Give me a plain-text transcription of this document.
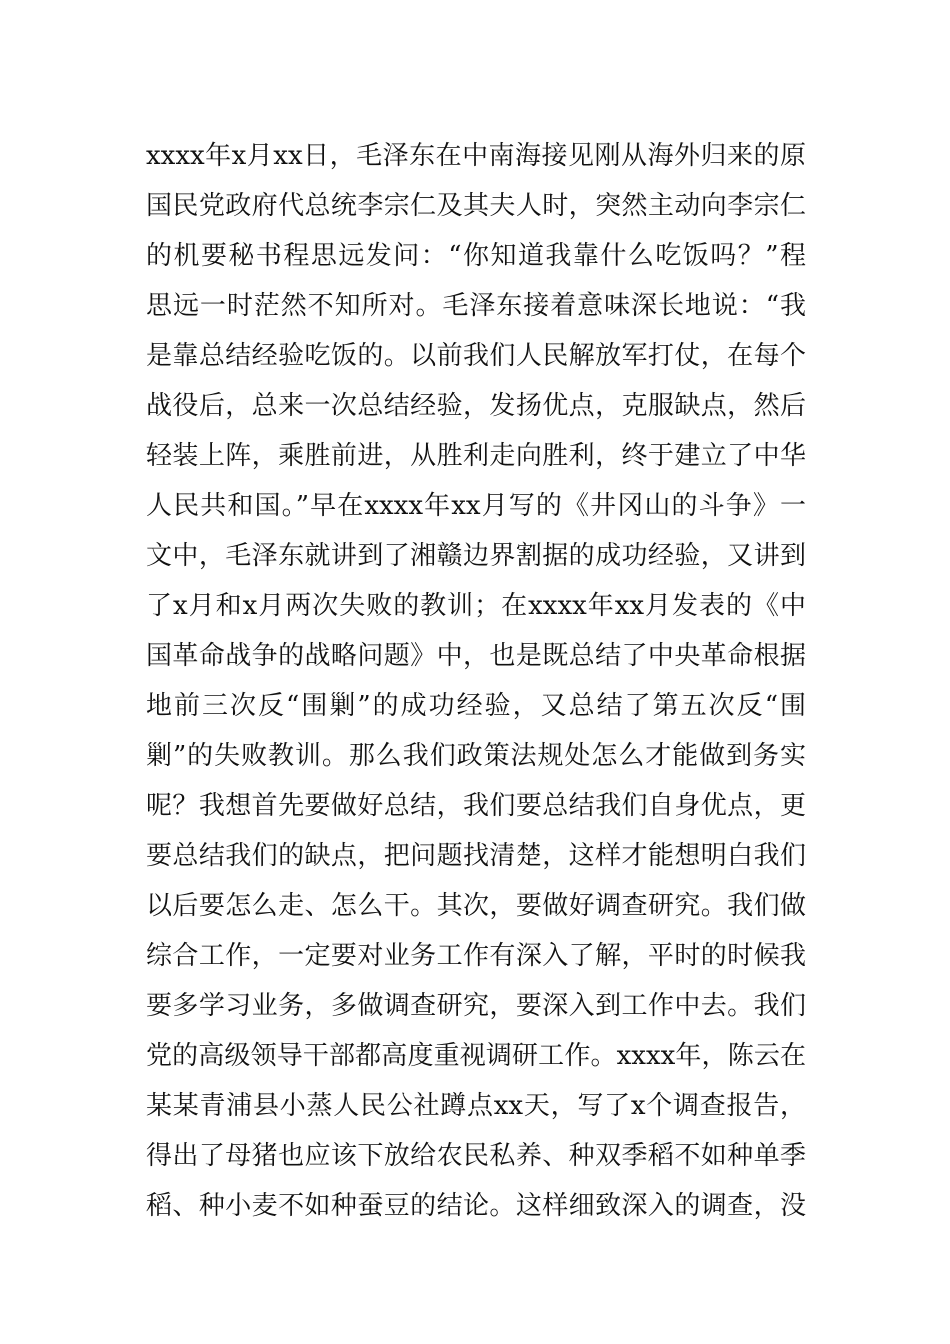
xxxx年x月xx日，毛泽东在中南海接见刚从海外归来的原
国民党政府代总统李宗仁及其夫人时，突然主动向李宗仁
的机要秘书程思远发问：“你知道我靠什么吃饭吗？”程
思远一时茫然不知所对。毛泽东接着意味深长地说：“我
是靠总结经验吃饭的。以前我们人民解放军打仗，在每个
战役后，总来一次总结经验，发扬优点，克服缺点，然后
轻装上阵，乘胜前进，从胜利走向胜利，终于建立了中华
人民共和国。”早在xxxx年xx月写的《井冈山的斗争》一
文中，毛泽东就讲到了湘赣边界割据的成功经验，又讲到
了x月和x月两次失败的教训；在xxxx年xx月发表的《中
国革命战争的战略问题》中，也是既总结了中央革命根据
地前三次反“围剿”的成功经验，又总结了第五次反“围
剿”的失败教训。那么我们政策法规处怎么才能做到务实
呢？我想首先要做好总结，我们要总结我们自身优点，更
要总结我们的缺点，把问题找清楚，这样才能想明白我们
以后要怎么走、怎么干。其次，要做好调查研究。我们做
综合工作，一定要对业务工作有深入了解，平时的时候我
要多学习业务，多做调查研究，要深入到工作中去。我们
党的高级领导干部都高度重视调研工作。xxxx年，陈云在
某某青浦县小蒸人民公社蹲点xx天，写了x个调查报告，
得出了母猪也应该下放给农民私养、种双季稻不如种单季
稻、种小麦不如种蚕豆的结论。这样细致深入的调查，没
